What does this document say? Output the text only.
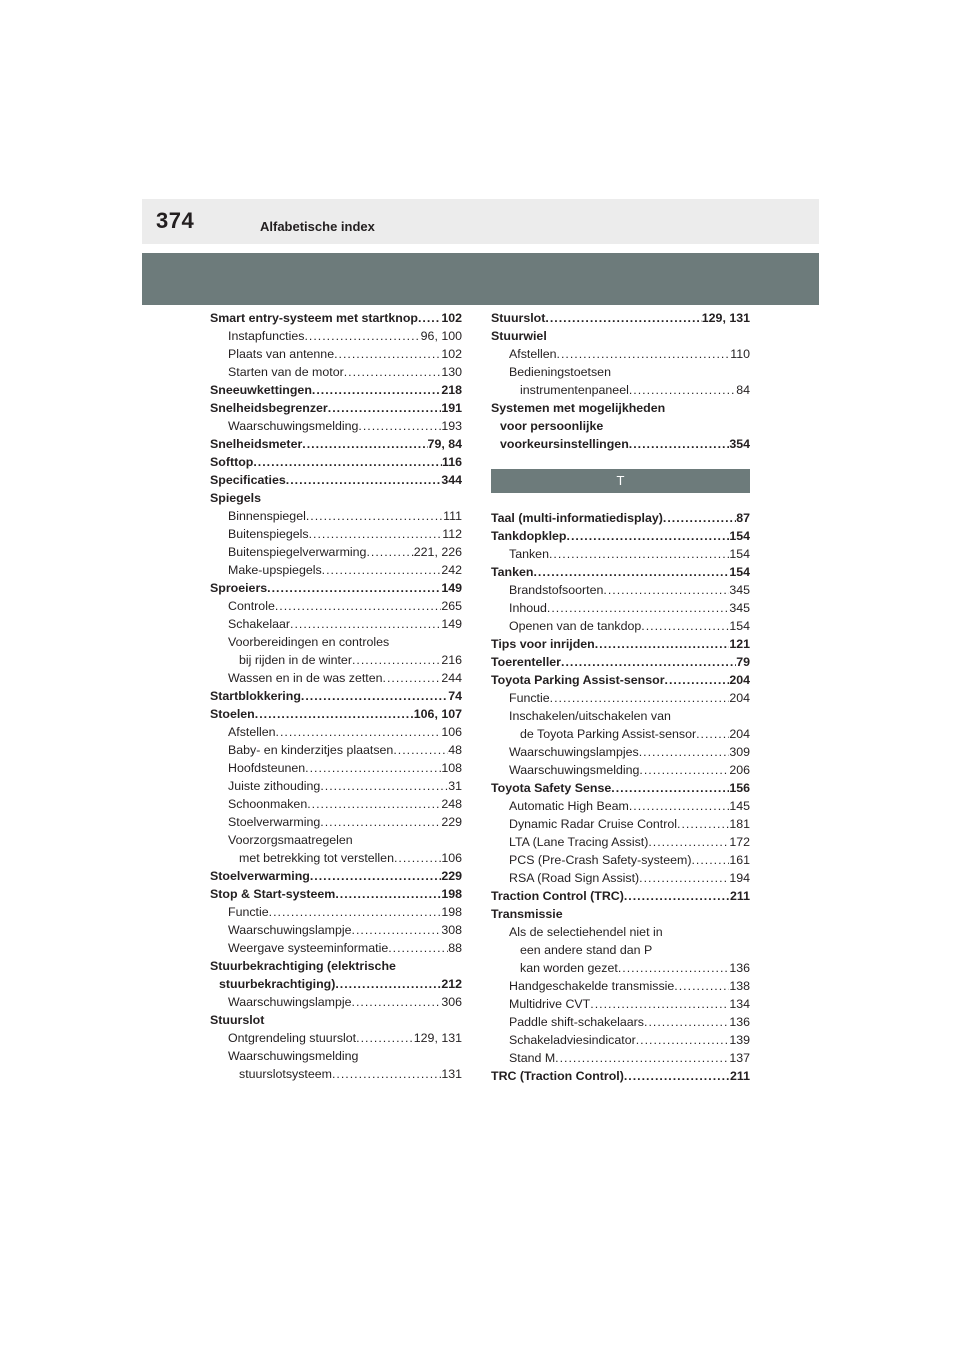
374	Alfabetische index
Smart entry-systeem met startknop ..... 102
Instapfuncties .....	96, 100
Plaats van antenne .....	102
Starten van de motor .....	130
Sneeuwkettingen .....	218
Snelheidsbegrenzer .....	191
Waarschuwingsmelding .....	193
Snelheidsmeter .....	79, 84
Softtop .....	116
Specificaties .....	344
Spiegels
Binnenspiegel .....	111
Buitenspiegels .....	112
Buitenspiegelverwarming .....	221, 226
Make-upspiegels .....	242
Sproeiers .....	149
Controle .....	265
Schakelaar .....	149
Voorbereidingen en controles
bij rijden in de winter .....	216
Wassen en in de was zetten .....	244
Startblokkering .....	74
Stoelen .....	106, 107
Afstellen .....	106
Baby- en kinderzitjes plaatsen .....	48
Hoofdsteunen .....	108
Juiste zithouding .....	31
Schoonmaken .....	248
Stoelverwarming .....	229
Voorzorgsmaatregelen
met betrekking tot verstellen .....	106
Stoelverwarming .....	229
Stop & Start-systeem .....	198
Functie .....	198
Waarschuwingslampje .....	308
Weergave systeeminformatie .....	88
Stuurbekrachtiging (elektrische
stuurbekrachtiging) .....	212
Waarschuwingslampje .....	306
Stuurslot
Ontgrendeling stuurslot .....	129, 131
Waarschuwingsmelding
stuurslotsysteem .....	131
Stuurslot .....	129, 131
Stuurwiel
Afstellen .....	110
Bedieningstoetsen
instrumentenpaneel .....	84
Systemen met mogelijkheden
voor persoonlijke
voorkeursinstellingen .....	354
T
Taal (multi-informatiedisplay) .....	87
Tankdopklep .....	154
Tanken .....	154
Tanken .....	154
Brandstofsoorten .....	345
Inhoud .....	345
Openen van de tankdop .....	154
Tips voor inrijden .....	121
Toerenteller .....	79
Toyota Parking Assist-sensor .....	204
Functie .....	204
Inschakelen/uitschakelen van
de Toyota Parking Assist-sensor .....	204
Waarschuwingslampjes .....	309
Waarschuwingsmelding .....	206
Toyota Safety Sense .....	156
Automatic High Beam .....	145
Dynamic Radar Cruise Control .....	181
LTA (Lane Tracing Assist) .....	172
PCS (Pre-Crash Safety-systeem) .....	161
RSA (Road Sign Assist) .....	194
Traction Control (TRC) .....	211
Transmissie
Als de selectiehendel niet in
een andere stand dan P
kan worden gezet .....	136
Handgeschakelde transmissie .....	138
Multidrive CVT .....	134
Paddle shift-schakelaars .....	136
Schakeladviesindicator .....	139
Stand M .....	137
TRC (Traction Control) .....	211
